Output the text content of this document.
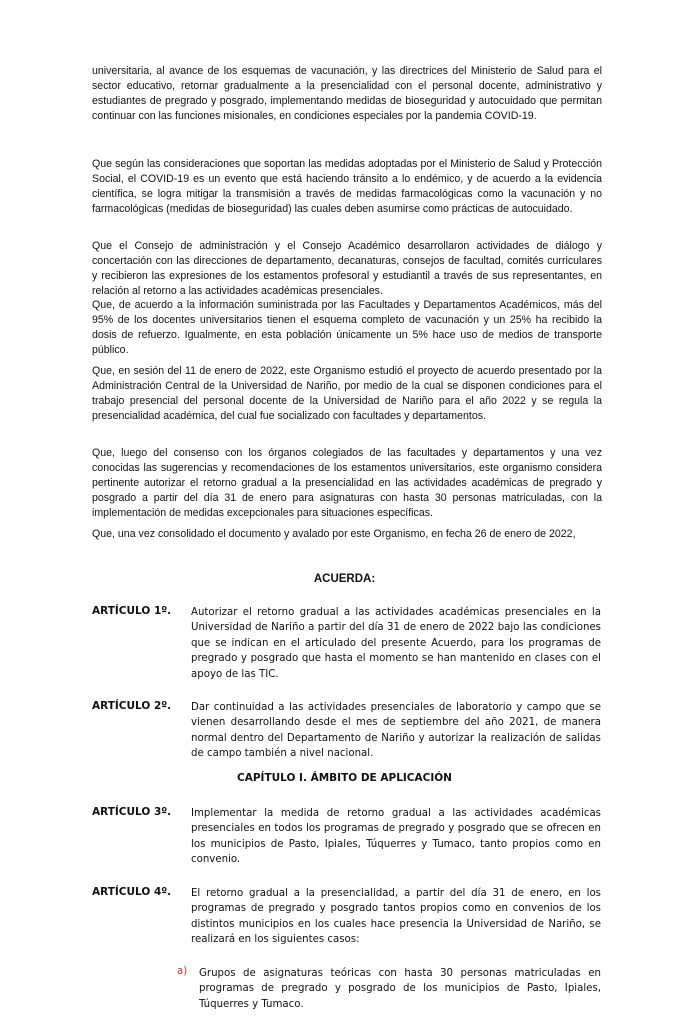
universitaria, al avance de los esquemas de vacunación, y las directrices del Ministerio de Salud para el sector educativo, retornar gradualmente a la presencialidad con el personal docente, administrativo y estudiantes de pregrado y posgrado, implementando medidas de bioseguridad y autocuidado que permitan continuar con las funciones misionales, en condiciones especiales por la pandemia COVID-19.

Que según las consideraciones que soportan las medidas adoptadas por el Ministerio de Salud y Protección Social, el COVID-19 es un evento que está haciendo tránsito a lo endémico, y de acuerdo a la evidencia científica, se logra mitigar la transmisión a través de medidas farmacológicas como la vacunación y no farmacológicas (medidas de bioseguridad) las cuales deben asumirse como prácticas de autocuidado.

Que el Consejo de administración y el Consejo Académico desarrollaron actividades de diálogo y concertación con las direcciones de departamento, decanaturas, consejos de facultad, comités curriculares y recibieron las expresiones de los estamentos profesoral y estudiantil a través de sus representantes, en relación al retorno a las actividades académicas presenciales.

Que, de acuerdo a la información suministrada por las Facultades y Departamentos Académicos, más del 95% de los docentes universitarios tienen el esquema completo de vacunación y un 25% ha recibido la dosis de refuerzo. Igualmente, en esta población únicamente un 5% hace uso de medios de transporte público.

Que, en sesión del 11 de enero de 2022, este Organismo estudió el proyecto de acuerdo presentado por la Administración Central de la Universidad de Nariño, por medio de la cual se disponen condiciones para el trabajo presencial del personal docente de la Universidad de Nariño para el año 2022 y se regula la presencialidad académica, del cual fue socializado con facultades y departamentos.

Que, luego del consenso con los órganos colegiados de las facultades y departamentos y una vez conocidas las sugerencias y recomendaciones de los estamentos universitarios, este organismo considera pertinente autorizar el retorno gradual a la presencialidad en las actividades académicas de pregrado y posgrado a partir del día 31 de enero para asignaturas con hasta 30 personas matriculadas, con la implementación de medidas excepcionales para situaciones específicas.

Que, una vez consolidado el documento y avalado por este Organismo, en fecha 26 de enero de 2022,

ACUERDA:

ARTÍCULO 1º. Autorizar el retorno gradual a las actividades académicas presenciales en la Universidad de Nariño a partir del día 31 de enero de 2022 bajo las condiciones que se indican en el articulado del presente Acuerdo, para los programas de pregrado y posgrado que hasta el momento se han mantenido en clases con el apoyo de las TIC.

ARTÍCULO 2º. Dar continuidad a las actividades presenciales de laboratorio y campo que se vienen desarrollando desde el mes de septiembre del año 2021, de manera normal dentro del Departamento de Nariño y autorizar la realización de salidas de campo también a nivel nacional.

CAPÍTULO I. ÁMBITO DE APLICACIÓN

ARTÍCULO 3º. Implementar la medida de retorno gradual a las actividades académicas presenciales en todos los programas de pregrado y posgrado que se ofrecen en los municipios de Pasto, Ipiales, Túquerres y Tumaco, tanto propios como en convenio.

ARTÍCULO 4º. El retorno gradual a la presencialidad, a partir del día 31 de enero, en los programas de pregrado y posgrado tantos propios como en convenios de los distintos municipios en los cuales hace presencia la Universidad de Nariño, se realizará en los siguientes casos:

a) Grupos de asignaturas teóricas con hasta 30 personas matriculadas en programas de pregrado y posgrado de los municipios de Pasto, Ipiales, Túquerres y Tumaco.
